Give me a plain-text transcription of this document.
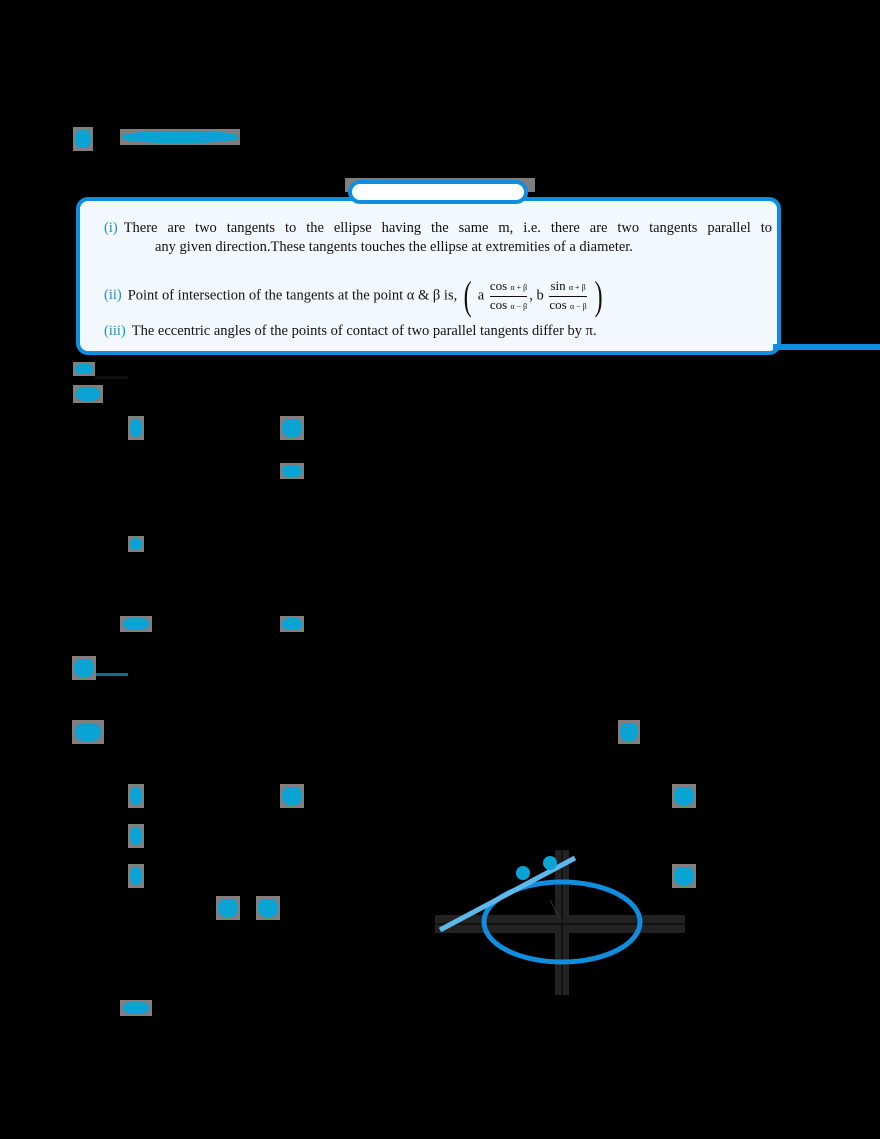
(i) There are two tangents to the ellipse having the same m, i.e. there are two tangents parallel to
any given direction.These tangents touches the ellipse at extremities of a diameter.
(ii) Point of intersection of the tangents at the point α & β is, ( a $\frac{\text{cos α + β}}{\text{cos α − β}}$ , b $\frac{\text{sin α + β}}{\text{cos α − β}}$ )
(iii) The eccentric angles of the points of contact of two parallel tangents differ by π.
